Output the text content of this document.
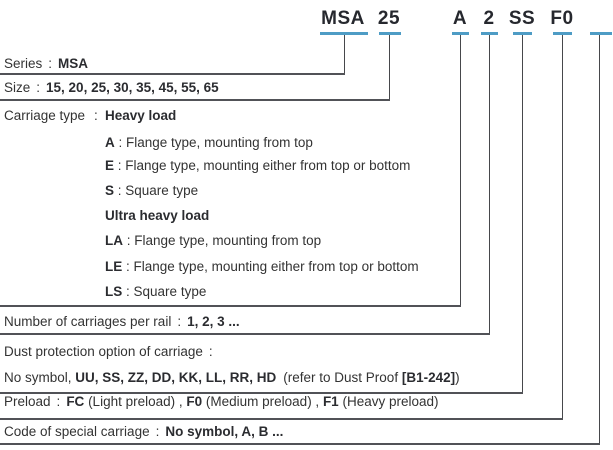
MSA 25	A 2 SS F0
Series : MSA
Size : 15, 20, 25, 30, 35, 45, 55, 65
Carriage type : Heavy load
A : Flange type, mounting from top
E : Flange type, mounting either from top or bottom
S : Square type
Ultra heavy load
LA : Flange type, mounting from top
LE : Flange type, mounting either from top or bottom
LS : Square type
Number of carriages per rail : 1, 2, 3 ...
Dust protection option of carriage :
No symbol, UU, SS, ZZ, DD, KK, LL, RR, HD (refer to Dust Proof [B1-242])
Preload : FC (Light preload) , F0 (Medium preload) , F1 (Heavy preload)
Code of special carriage : No symbol, A, B ...
